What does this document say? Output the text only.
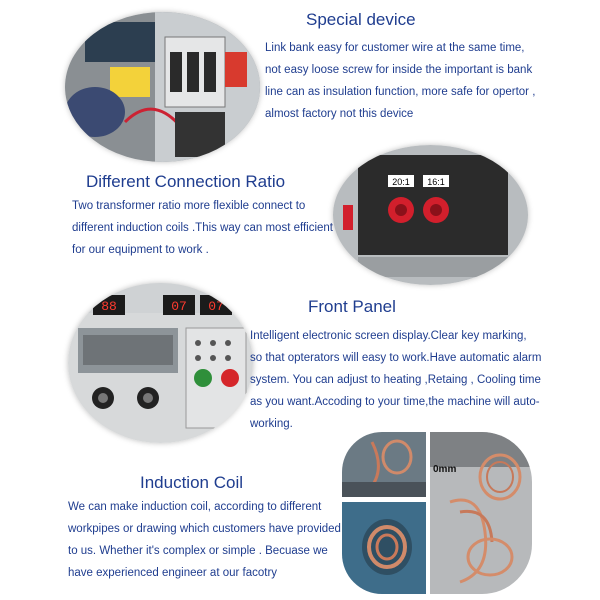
Special device
Link bank easy for customer wire at the same time,
not easy loose screw for inside the important is bank
line can as insulation function, more safe for opertor ,
almost factory not this device
Different Connection Ratio
Two transformer ratio more flexible connect to
different induction coils .This way can most efficient
for our equipment to work .
20:1 16:1
88	07 07	Front Panel
Intelligent electronic screen display.Clear key marking,
so that opterators will easy to work.Have automatic alarm
system. You can adjust to heating ,Retaing , Cooling time
as you want.Accoding to your time,the machine will auto-
working.
Induction Coil
We can make induction coil, according to different
workpipes or drawing which customers have provided
to us. Whether it's complex or simple . Becuase we
have experienced engineer at our facotry
0mm
